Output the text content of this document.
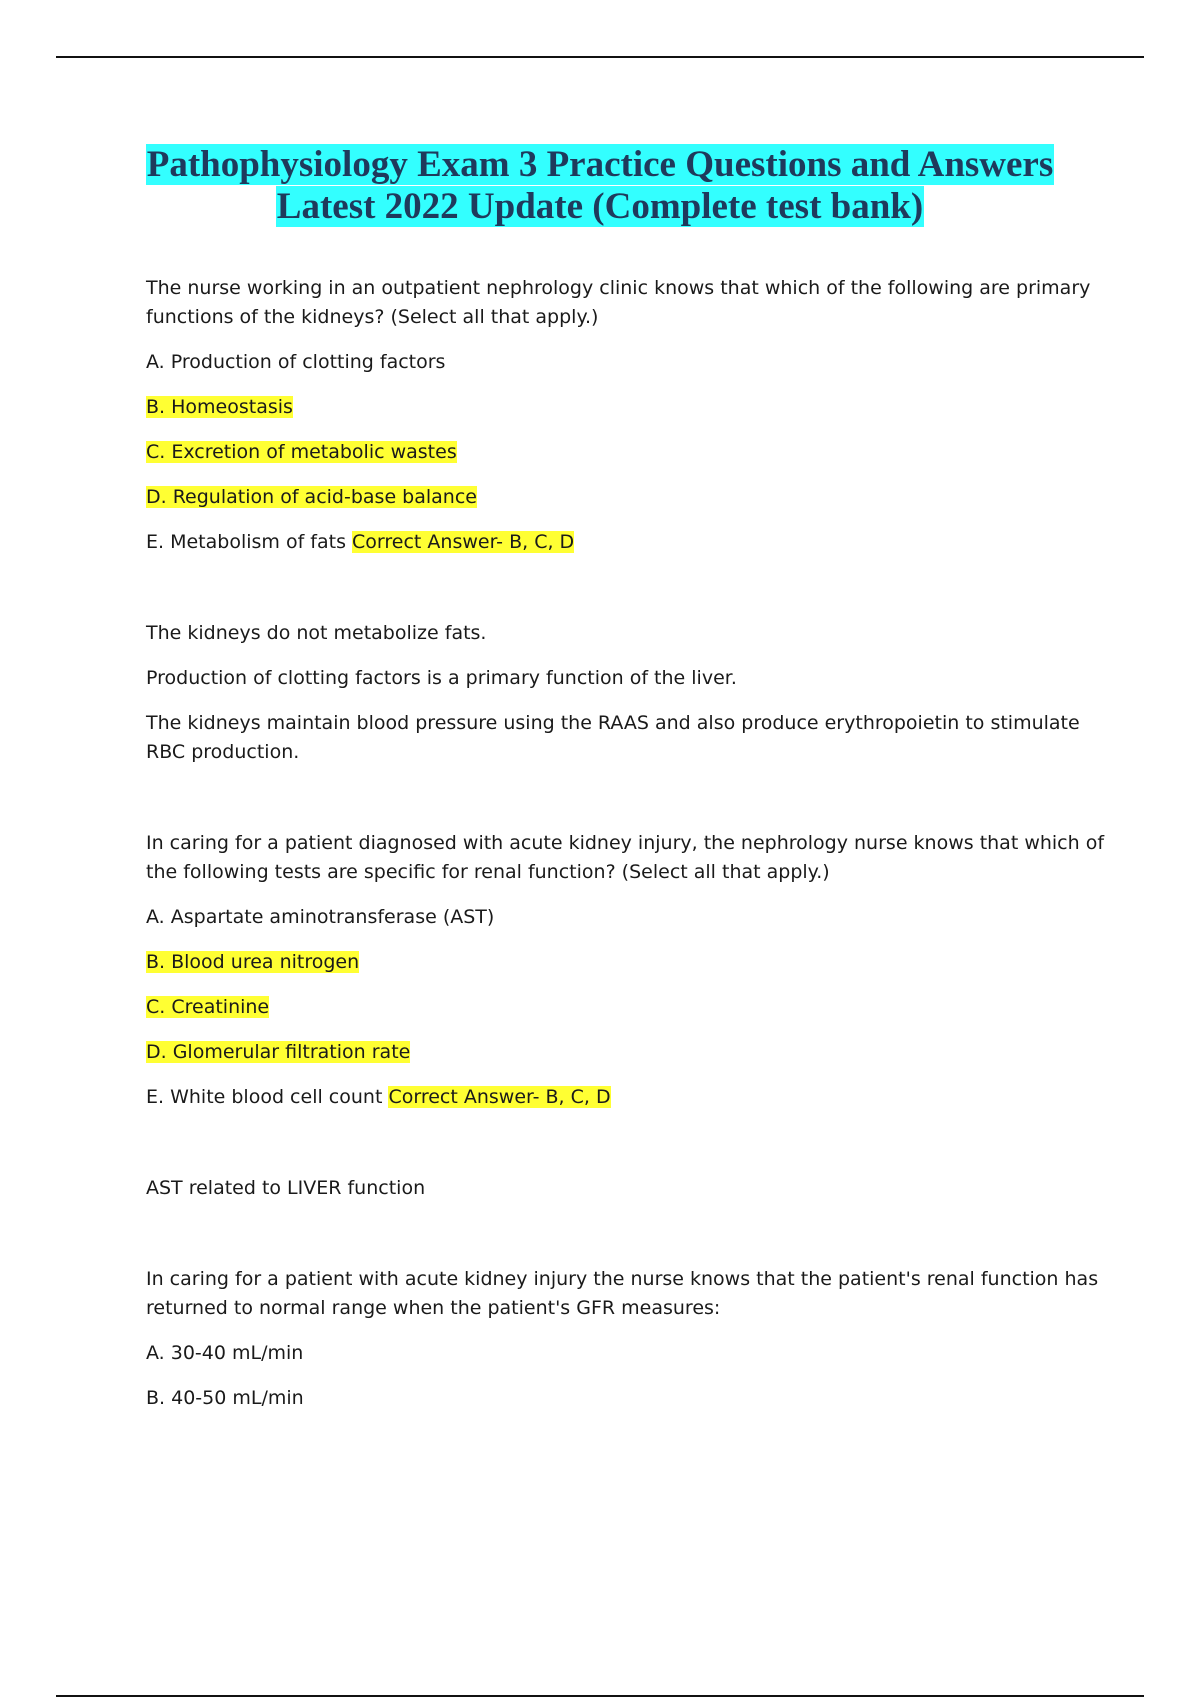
Pathophysiology Exam 3 Practice Questions and Answers
Latest 2022 Update (Complete test bank)

The nurse working in an outpatient nephrology clinic knows that which of the following are primary functions of the kidneys? (Select all that apply.)

A. Production of clotting factors

B. Homeostasis

C. Excretion of metabolic wastes

D. Regulation of acid-base balance

E. Metabolism of fats Correct Answer- B, C, D

The kidneys do not metabolize fats.

Production of clotting factors is a primary function of the liver.

The kidneys maintain blood pressure using the RAAS and also produce erythropoietin to stimulate RBC production.

In caring for a patient diagnosed with acute kidney injury, the nephrology nurse knows that which of the following tests are specific for renal function? (Select all that apply.)

A. Aspartate aminotransferase (AST)

B. Blood urea nitrogen

C. Creatinine

D. Glomerular filtration rate

E. White blood cell count Correct Answer- B, C, D

AST related to LIVER function

In caring for a patient with acute kidney injury the nurse knows that the patient's renal function has returned to normal range when the patient's GFR measures:

A. 30-40 mL/min

B. 40-50 mL/min
